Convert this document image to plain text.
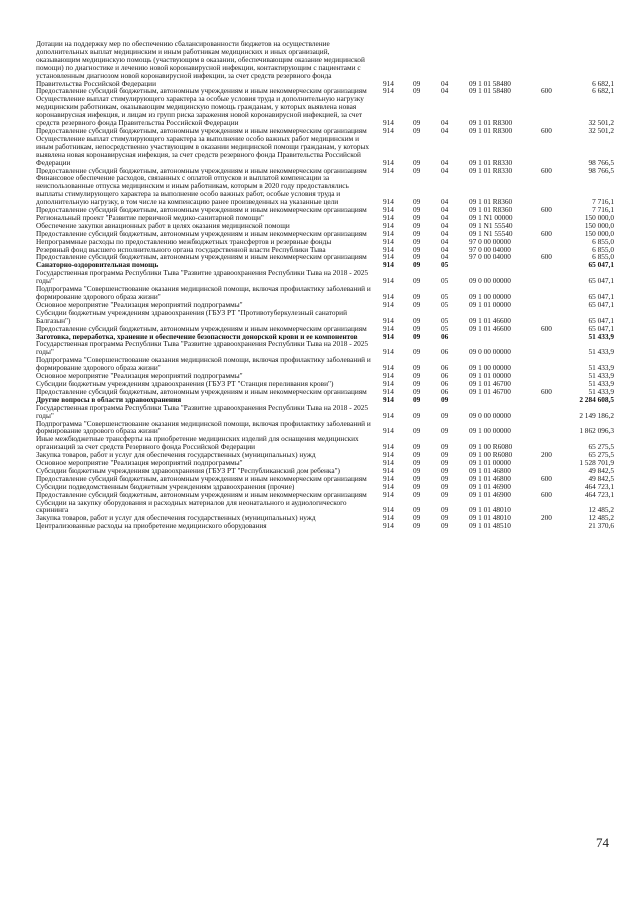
Дотации на поддержку мер по обеспечению сбалансированности бюджетов на осуществление дополнительных выплат медицинским и иным работникам медицинских и иных организаций, оказывающим медицинскую помощь (участвующим в оказании, обеспечивающим оказание медицинской помощи) по диагностике и лечению новой коронавирусной инфекции, контактирующим с пациентами с установленным диагнозом новой коронавирусной инфекции, за счет средств резервного фонда Правительства Российской Федерации	914	09	04	09 1 01 58480		6 682,1
Предоставление субсидий бюджетным, автономным учреждениям и иным некоммерческим организациям	914	09	04	09 1 01 58480	600	6 682,1
Осуществление выплат стимулирующего характера за особые условия труда и дополнительную нагрузку медицинским работникам, оказывающим медицинскую помощь гражданам, у которых выявлена новая коронавирусная инфекция, и лицам из групп риска заражения новой коронавирусной инфекцией, за счет средств резервного фонда Правительства Российской Федерации	914	09	04	09 1 01 R8300		32 501,2
Предоставление субсидий бюджетным, автономным учреждениям и иным некоммерческим организациям	914	09	04	09 1 01 R8300	600	32 501,2
Осуществление выплат стимулирующего характера за выполнение особо важных работ медицинским и иным работникам, непосредственно участвующим в оказании медицинской помощи гражданам, у которых выявлена новая коронавирусная инфекция, за счет средств резервного фонда Правительства Российской Федерации	914	09	04	09 1 01 R8330		98 766,5
Предоставление субсидий бюджетным, автономным учреждениям и иным некоммерческим организациям	914	09	04	09 1 01 R8330	600	98 766,5
Финансовое обеспечение расходов, связанных с оплатой отпусков и выплатой компенсации за неиспользованные отпуска медицинским и иным работникам, которым в 2020 году предоставлялись выплаты стимулирующего характера за выполнение особо важных работ, особые условия труда и дополнительную нагрузку, в том числе на компенсацию ранее произведенных на указанные цели	914	09	04	09 1 01 R8360		7 716,1
Предоставление субсидий бюджетным, автономным учреждениям и иным некоммерческим организациям	914	09	04	09 1 01 R8360	600	7 716,1
Региональный проект "Развитие первичной медико-санитарной помощи"	914	09	04	09 1 N1 00000		150 000,0
Обеспечение закупки авиационных работ в целях оказания медицинской помощи	914	09	04	09 1 N1 55540		150 000,0
Предоставление субсидий бюджетным, автономным учреждениям и иным некоммерческим организациям	914	09	04	09 1 N1 55540	600	150 000,0
Непрограммные расходы по предоставлению межбюджетных трансфертов и резервные фонды	914	09	04	97 0 00 00000		6 855,0
Резервный фонд высшего исполнительного органа государственной власти Республики Тыва	914	09	04	97 0 00 04000		6 855,0
Предоставление субсидий бюджетным, автономным учреждениям и иным некоммерческим организациям	914	09	04	97 0 00 04000	600	6 855,0
Санаторно-оздоровительная помощь	914	09	05			65 047,1
Государственная программа Республики Тыва "Развитие здравоохранения Республики Тыва на 2018 - 2025 годы"	914	09	05	09 0 00 00000		65 047,1
Подпрограмма "Совершенствование оказания медицинской помощи, включая профилактику заболеваний и формирование здорового образа жизни"	914	09	05	09 1 00 00000		65 047,1
Основное мероприятие "Реализация мероприятий подпрограммы"	914	09	05	09 1 01 00000		65 047,1
Субсидии бюджетным учреждениям здравоохранения (ГБУЗ РТ "Противотуберкулезный санаторий Балгазын")	914	09	05	09 1 01 46600		65 047,1
Предоставление субсидий бюджетным, автономным учреждениям и иным некоммерческим организациям	914	09	05	09 1 01 46600	600	65 047,1
Заготовка, переработка, хранение и обеспечение безопасности донорской крови и ее компонентов	914	09	06			51 433,9
Государственная программа Республики Тыва "Развитие здравоохранения Республики Тыва на 2018 - 2025 годы"	914	09	06	09 0 00 00000		51 433,9
Подпрограмма "Совершенствование оказания медицинской помощи, включая профилактику заболеваний и формирование здорового образа жизни"	914	09	06	09 1 00 00000		51 433,9
Основное мероприятие "Реализация мероприятий подпрограммы"	914	09	06	09 1 01 00000		51 433,9
Субсидии бюджетным учреждениям здравоохранения (ГБУЗ РТ "Станция переливания крови")	914	09	06	09 1 01 46700		51 433,9
Предоставление субсидий бюджетным, автономным учреждениям и иным некоммерческим организациям	914	09	06	09 1 01 46700	600	51 433,9
Другие вопросы в области здравоохранения	914	09	09			2 284 608,5
Государственная программа Республики Тыва "Развитие здравоохранения Республики Тыва на 2018 - 2025 годы"	914	09	09	09 0 00 00000		2 149 186,2
Подпрограмма "Совершенствование оказания медицинской помощи, включая профилактику заболеваний и формирование здорового образа жизни"	914	09	09	09 1 00 00000		1 862 096,3
Иные межбюджетные трансферты на приобретение медицинских изделий для оснащения медицинских организаций за счет средств Резервного фонда Российской Федерации	914	09	09	09 1 00 R6080		65 275,5
Закупка товаров, работ и услуг для обеспечения государственных (муниципальных) нужд	914	09	09	09 1 00 R6080	200	65 275,5
Основное мероприятие "Реализация мероприятий подпрограммы"	914	09	09	09 1 01 00000		1 528 701,9
Субсидии бюджетным учреждениям здравоохранения (ГБУЗ РТ "Республиканский дом ребенка")	914	09	09	09 1 01 46800		49 842,5
Предоставление субсидий бюджетным, автономным учреждениям и иным некоммерческим организациям	914	09	09	09 1 01 46800	600	49 842,5
Субсидии подведомственным бюджетным учреждениям здравоохранения (прочие)	914	09	09	09 1 01 46900		464 723,1
Предоставление субсидий бюджетным, автономным учреждениям и иным некоммерческим организациям	914	09	09	09 1 01 46900	600	464 723,1
Субсидии на закупку оборудования и расходных материалов для неонатального и аудиологического скрининга	914	09	09	09 1 01 48010		12 485,2
Закупка товаров, работ и услуг для обеспечения государственных (муниципальных) нужд	914	09	09	09 1 01 48010	200	12 485,2
Централизованные расходы на приобретение медицинского оборудования	914	09	09	09 1 01 48510		21 370,6
74
